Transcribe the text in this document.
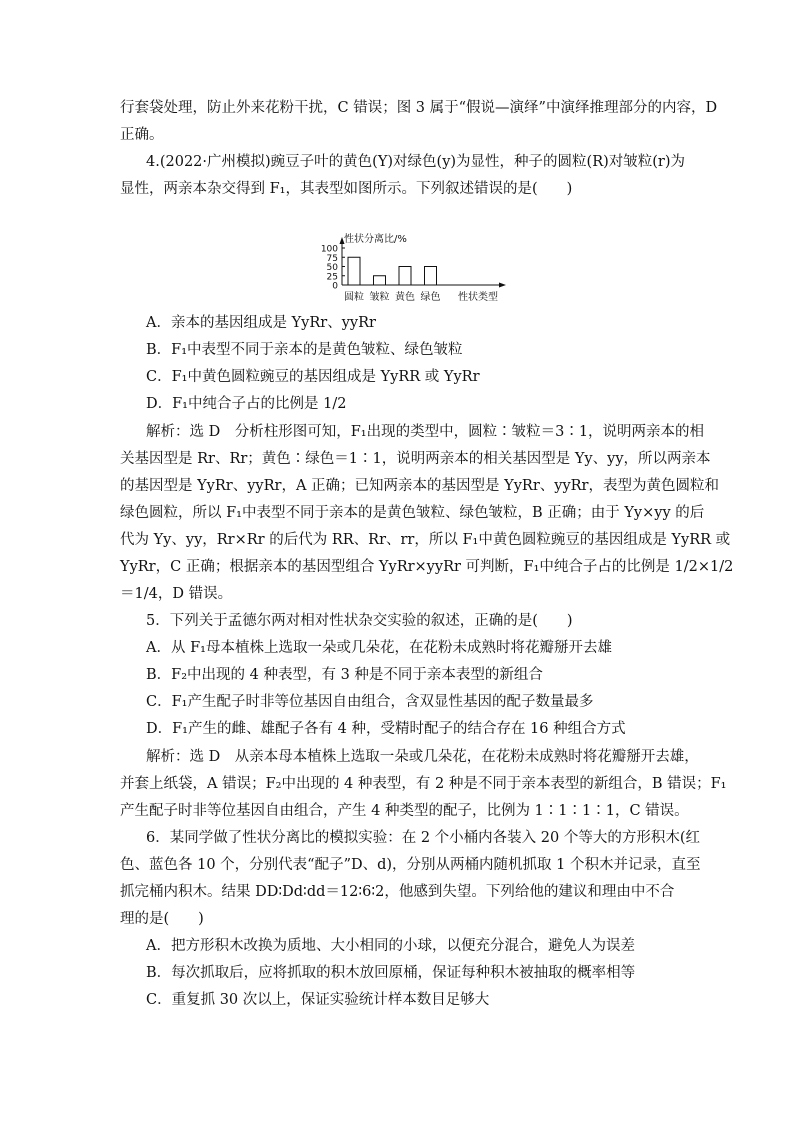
行套袋处理，防止外来花粉干扰，C 错误；图 3 属于“假说—演绎”中演绎推理部分的内容，D
正确。
4.(2022·广州模拟)豌豆子叶的黄色(Y)对绿色(y)为显性，种子的圆粒(R)对皱粒(r)为
显性，两亲本杂交得到 F₁，其表型如图所示。下列叙述错误的是(　　)
性状分离比/%
100
75
50
25
0
圆粒 皱粒 黄色 绿色 性状类型
A．亲本的基因组成是 YyRr、yyRr
B．F₁中表型不同于亲本的是黄色皱粒、绿色皱粒
C．F₁中黄色圆粒豌豆的基因组成是 YyRR 或 YyRr
D．F₁中纯合子占的比例是 1/2
解析：选 D　分析柱形图可知，F₁出现的类型中，圆粒∶皱粒＝3∶1，说明两亲本的相
关基因型是 Rr、Rr；黄色∶绿色＝1∶1，说明两亲本的相关基因型是 Yy、yy，所以两亲本
的基因型是 YyRr、yyRr，A 正确；已知两亲本的基因型是 YyRr、yyRr，表型为黄色圆粒和
绿色圆粒，所以 F₁中表型不同于亲本的是黄色皱粒、绿色皱粒，B 正确；由于 Yy×yy 的后
代为 Yy、yy，Rr×Rr 的后代为 RR、Rr、rr，所以 F₁中黄色圆粒豌豆的基因组成是 YyRR 或
YyRr，C 正确；根据亲本的基因型组合 YyRr×yyRr 可判断，F₁中纯合子占的比例是 1/2×1/2
＝1/4，D 错误。
5．下列关于孟德尔两对相对性状杂交实验的叙述，正确的是(　　)
A．从 F₁母本植株上选取一朵或几朵花，在花粉未成熟时将花瓣掰开去雄
B．F₂中出现的 4 种表型，有 3 种是不同于亲本表型的新组合
C．F₁产生配子时非等位基因自由组合，含双显性基因的配子数量最多
D．F₁产生的雌、雄配子各有 4 种，受精时配子的结合存在 16 种组合方式
解析：选 D　从亲本母本植株上选取一朵或几朵花，在花粉未成熟时将花瓣掰开去雄，
并套上纸袋，A 错误；F₂中出现的 4 种表型，有 2 种是不同于亲本表型的新组合，B 错误；F₁
产生配子时非等位基因自由组合，产生 4 种类型的配子，比例为 1∶1∶1∶1，C 错误。
6．某同学做了性状分离比的模拟实验：在 2 个小桶内各装入 20 个等大的方形积木(红
色、蓝色各 10 个，分别代表“配子”D、d)，分别从两桶内随机抓取 1 个积木并记录，直至
抓完桶内积木。结果 DD∶Dd∶dd＝12∶6∶2，他感到失望。下列给他的建议和理由中不合
理的是(　　)
A．把方形积木改换为质地、大小相同的小球，以便充分混合，避免人为误差
B．每次抓取后，应将抓取的积木放回原桶，保证每种积木被抽取的概率相等
C．重复抓 30 次以上，保证实验统计样本数目足够大
